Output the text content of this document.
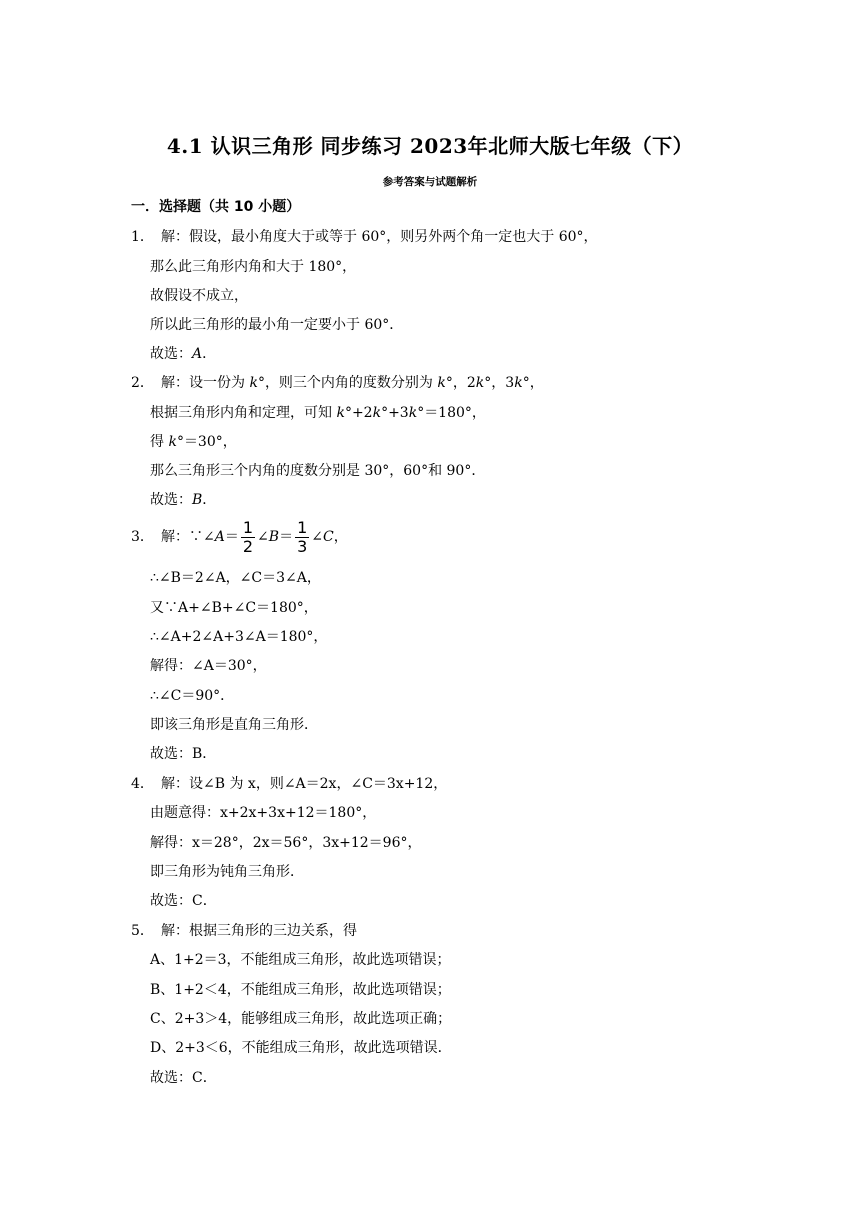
4.1 认识三角形 同步练习 2023年北师大版七年级（下）
参考答案与试题解析
一．选择题（共 10 小题）
1． 解：假设，最小角度大于或等于 60°，则另外两个角一定也大于 60°，
那么此三角形内角和大于 180°，
故假设不成立，
所以此三角形的最小角一定要小于 60°．
故选：A．
2． 解：设一份为 k°，则三个内角的度数分别为 k°，2k°，3k°，
根据三角形内角和定理，可知 k°+2k°+3k°＝180°，
得 k°＝30°，
那么三角形三个内角的度数分别是 30°，60°和 90°．
故选：B．
3． 解：∵∠A＝ $\frac{1}{2}$ ∠B＝ $\frac{1}{3}$ ∠C，
∴∠B＝2∠A，∠C＝3∠A，
又∵A+∠B+∠C＝180°，
∴∠A+2∠A+3∠A＝180°，
解得：∠A＝30°，
∴∠C＝90°．
即该三角形是直角三角形．
故选：B．
4． 解：设∠B 为 x，则∠A＝2x，∠C＝3x+12，
由题意得：x+2x+3x+12＝180°，
解得：x＝28°，2x＝56°，3x+12＝96°，
即三角形为钝角三角形．
故选：C．
5． 解：根据三角形的三边关系，得
A、1+2＝3，不能组成三角形，故此选项错误；
B、1+2＜4，不能组成三角形，故此选项错误；
C、2+3＞4，能够组成三角形，故此选项正确；
D、2+3＜6，不能组成三角形，故此选项错误．
故选：C．
